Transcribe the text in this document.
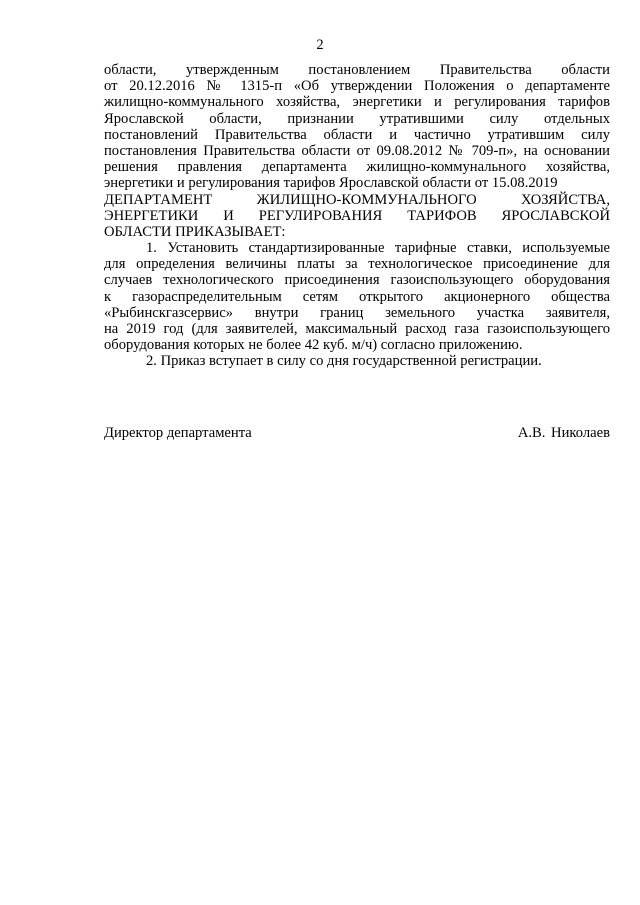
2
области, утвержденным постановлением Правительства области
от 20.12.2016 № 1315-п «Об утверждении Положения о департаменте
жилищно-коммунального хозяйства, энергетики и регулирования тарифов
Ярославской области, признании утратившими силу отдельных
постановлений Правительства области и частично утратившим силу
постановления Правительства области от 09.08.2012 № 709-п», на основании
решения правления департамента жилищно-коммунального хозяйства,
энергетики и регулирования тарифов Ярославской области от 15.08.2019
ДЕПАРТАМЕНТ ЖИЛИЩНО-КОММУНАЛЬНОГО ХОЗЯЙСТВА,
ЭНЕРГЕТИКИ И РЕГУЛИРОВАНИЯ ТАРИФОВ ЯРОСЛАВСКОЙ
ОБЛАСТИ ПРИКАЗЫВАЕТ:
1. Установить стандартизированные тарифные ставки, используемые
для определения величины платы за технологическое присоединение для
случаев технологического присоединения газоиспользующего оборудования
к газораспределительным сетям открытого акционерного общества
«Рыбинскгазсервис» внутри границ земельного участка заявителя,
на 2019 год (для заявителей, максимальный расход газа газоиспользующего
оборудования которых не более 42 куб. м/ч) согласно приложению.
2. Приказ вступает в силу со дня государственной регистрации.
Директор департамента	А.В. Николаев
